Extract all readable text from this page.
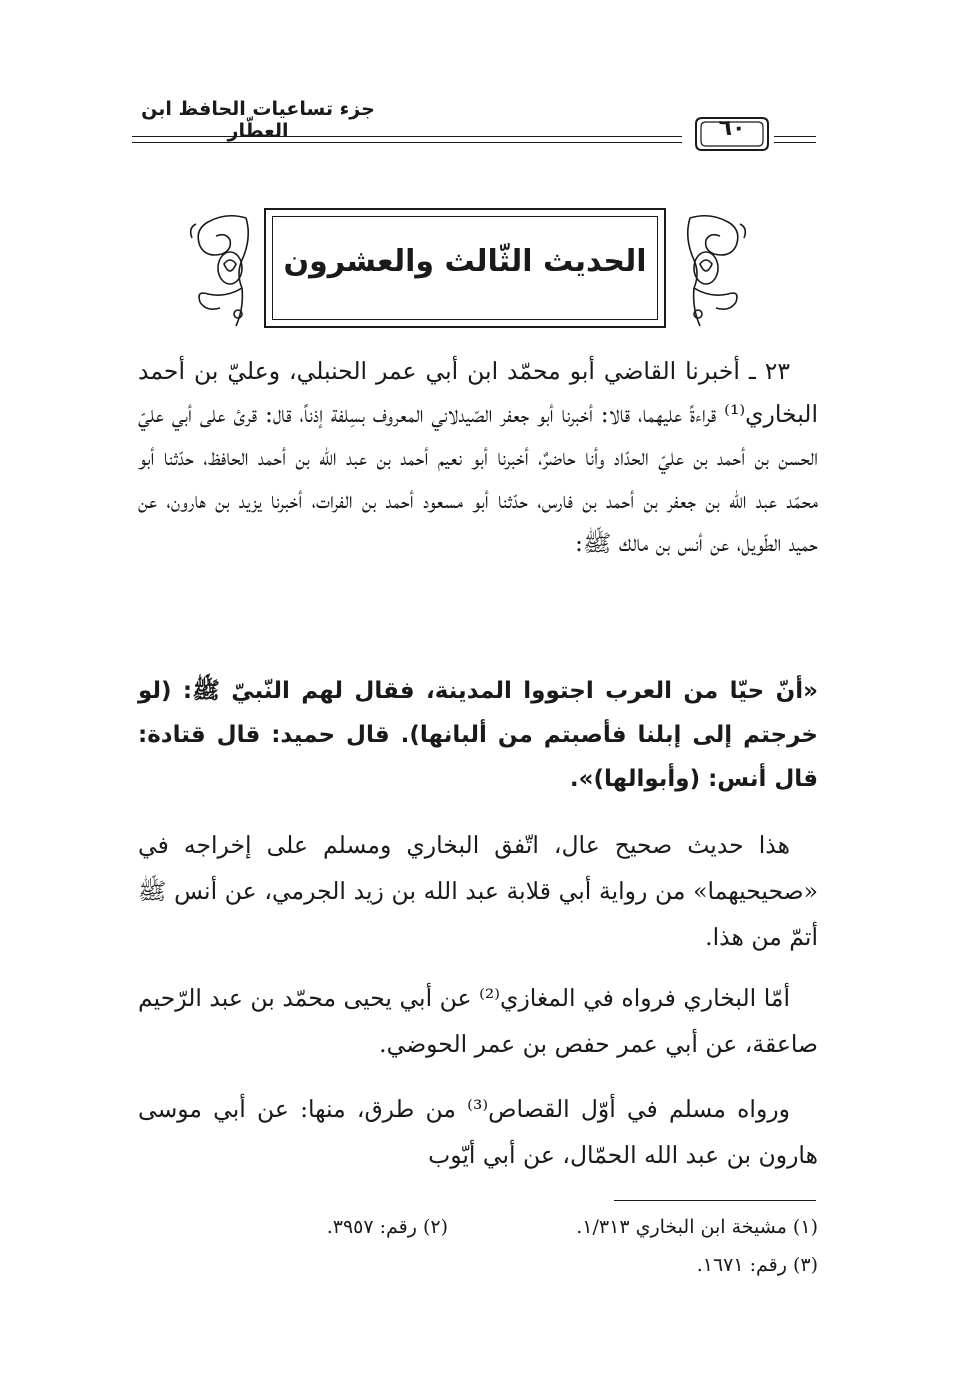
جزء تساعيات الحافظ ابن العطّار	٦٠
الحديث الثّالث والعشرون
٢٣ ـ أخبرنا القاضي أبو محمّد ابن أبي عمر الحنبلي، وعليّ بن أحمد البخاري⁽¹⁾ قراءةً عليهما، قالا: أخبرنا أبو جعفر الصّيدلاني المعروف بسِلفة إذناً، قال: قرئ على أبي عليّ الحسن بن أحمد بن عليّ الحدّاد وأنا حاضرٌ، أخبرنا أبو نعيم أحمد بن عبد الله بن أحمد الحافظ، حدّثنا أبو محمّد عبد الله بن جعفر بن أحمد بن فارس، حدّثنا أبو مسعود أحمد بن الفرات، أخبرنا يزيد بن هارون، عن حميد الطّويل، عن أنس بن مالك ﷺ:
«أنّ حيّا من العرب اجتووا المدينة، فقال لهم النّبيّ ﷺ: (لو خرجتم إلى إبلنا فأصبتم من ألبانها). قال حميد: قال قتادة: قال أنس: (وأبوالها)».
هذا حديث صحيح عال، اتّفق البخاري ومسلم على إخراجه في «صحيحيهما» من رواية أبي قلابة عبد الله بن زيد الجرمي، عن أنس ﷺ أتمّ من هذا.
أمّا البخاري فرواه في المغازي⁽²⁾ عن أبي يحيى محمّد بن عبد الرّحيم صاعقة، عن أبي عمر حفص بن عمر الحوضي.
ورواه مسلم في أوّل القصاص⁽³⁾ من طرق، منها: عن أبي موسى هارون بن عبد الله الحمّال، عن أبي أيّوب
(١) مشيخة ابن البخاري ١/٣١٣.
(٢) رقم: ٣٩٥٧.
(٣) رقم: ١٦٧١.
